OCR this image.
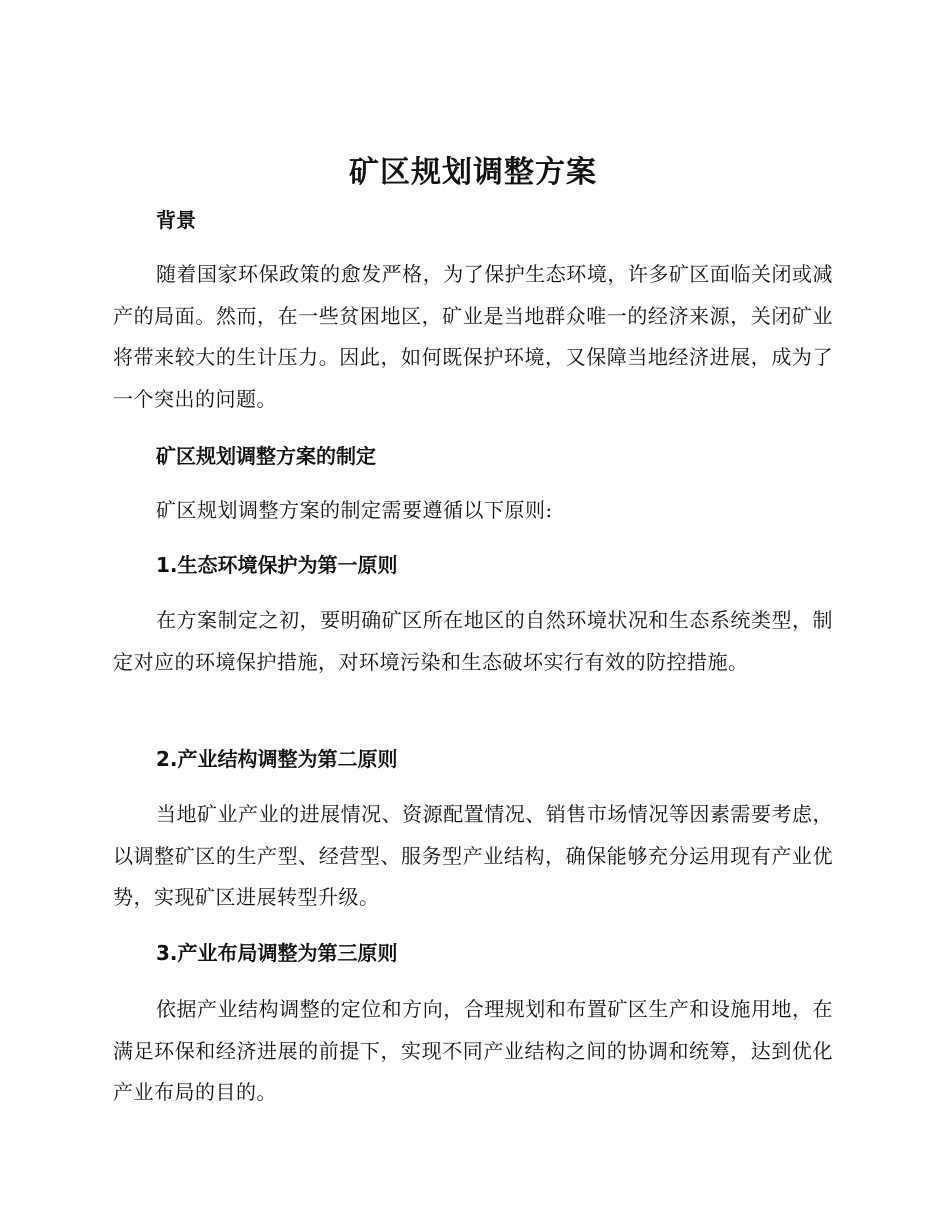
矿区规划调整方案
背景

随着国家环保政策的愈发严格，为了保护生态环境，许多矿区面临关闭或减产的局面。然而，在一些贫困地区，矿业是当地群众唯一的经济来源，关闭矿业将带来较大的生计压力。因此，如何既保护环境，又保障当地经济进展，成为了一个突出的问题。

矿区规划调整方案的制定

矿区规划调整方案的制定需要遵循以下原则:

1.生态环境保护为第一原则

在方案制定之初，要明确矿区所在地区的自然环境状况和生态系统类型，制定对应的环境保护措施，对环境污染和生态破坏实行有效的防控措施。

2.产业结构调整为第二原则

当地矿业产业的进展情况、资源配置情况、销售市场情况等因素需要考虑，以调整矿区的生产型、经营型、服务型产业结构，确保能够充分运用现有产业优势，实现矿区进展转型升级。

3.产业布局调整为第三原则

依据产业结构调整的定位和方向，合理规划和布置矿区生产和设施用地，在满足环保和经济进展的前提下，实现不同产业结构之间的协调和统筹，达到优化产业布局的目的。
